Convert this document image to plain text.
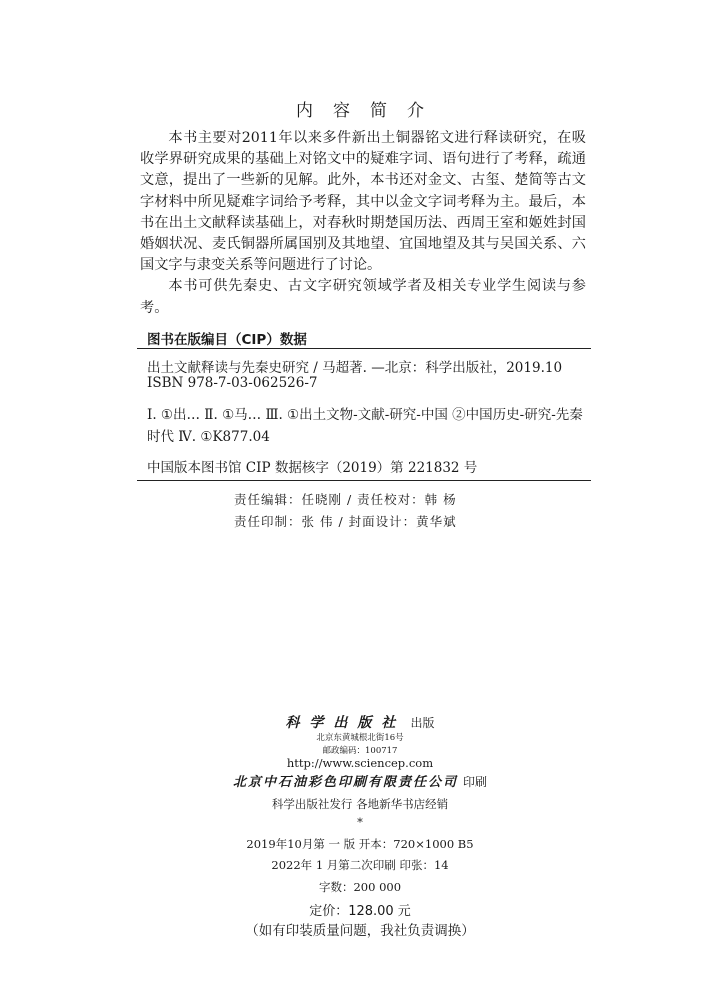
内容简介

本书主要对2011年以来多件新出土铜器铭文进行释读研究，在吸收学界研究成果的基础上对铭文中的疑难字词、语句进行了考释，疏通文意，提出了一些新的见解。此外，本书还对金文、古玺、楚简等古文字材料中所见疑难字词给予考释，其中以金文字词考释为主。最后，本书在出土文献释读基础上，对春秋时期楚国历法、西周王室和姬姓封国婚姻状况、麦氏铜器所属国别及其地望、宜国地望及其与吴国关系、六国文字与隶变关系等问题进行了讨论。

本书可供先秦史、古文字研究领域学者及相关专业学生阅读与参考。

图书在版编目（CIP）数据
出土文献释读与先秦史研究 / 马超著. —北京：科学出版社，2019.10
ISBN 978-7-03-062526-7
Ⅰ. ①出… Ⅱ. ①马… Ⅲ. ①出土文物-文献-研究-中国 ②中国历史-研究-先秦时代 Ⅳ. ①K877.04
中国版本图书馆 CIP 数据核字（2019）第 221832 号
责任编辑：任晓刚 / 责任校对：韩 杨
责任印制：张 伟 / 封面设计：黄华斌
科学出版社 出版
北京东黄城根北街16号
邮政编码：100717
http://www.sciencep.com
北京中石油彩色印刷有限责任公司 印刷
科学出版社发行 各地新华书店经销
*
2019年10月第 一 版 开本：720×1000 B5
2022年 1 月第二次印刷 印张：14
字数：200 000
定价：128.00 元
（如有印装质量问题，我社负责调换）
